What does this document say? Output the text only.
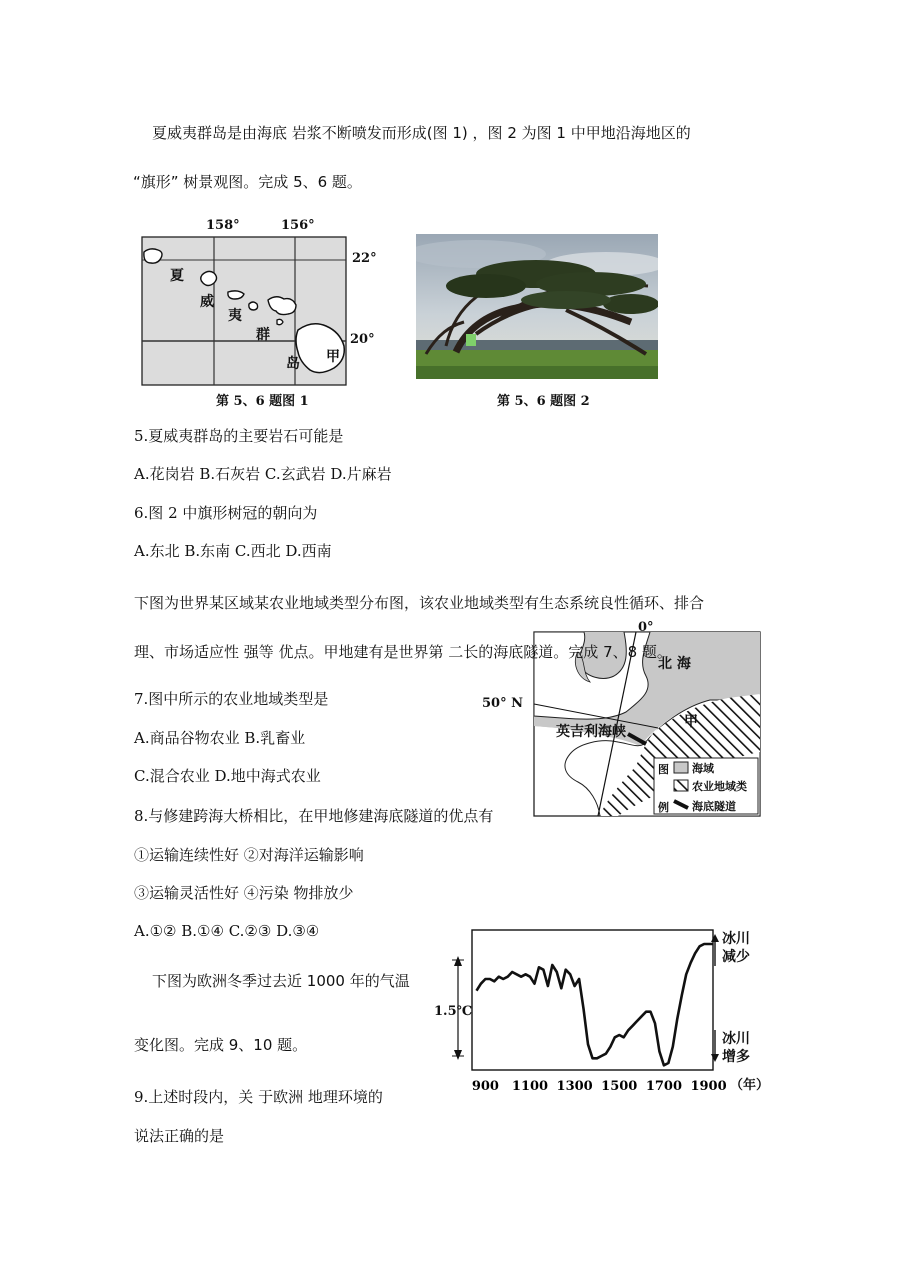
夏威夷群岛是由海底 岩浆不断喷发而形成(图 1) ，图 2 为图 1 中甲地沿海地区的
“旗形” 树景观图。完成 5、6 题。
158°	156°
22°
20°
夏
威
夷
群
岛 甲
第 5、6 题图 1	第 5、6 题图 2
5.夏威夷群岛的主要岩石可能是
A.花岗岩 B.石灰岩 C.玄武岩 D.片麻岩
6.图 2 中旗形树冠的朝向为
A.东北 B.东南 C.西北 D.西南
下图为世界某区域某农业地域类型分布图，该农业地域类型有生态系统良性循环、排合
0°
50° N
北 海
英吉利海峡
甲
图
例
海域
农业地域类
海底隧道
理、市场适应性 强等 优点。甲地建有是世界第 二长的海底隧道。完成 7、8 题。
7.图中所示的农业地域类型是
A.商品谷物农业 B.乳畜业
C.混合农业 D.地中海式农业
8.与修建跨海大桥相比，在甲地修建海底隧道的优点有
①运输连续性好 ②对海洋运输影响
③运输灵活性好 ④污染 物排放少
A.①② B.①④ C.②③ D.③④
下图为欧洲冬季过去近 1000 年的气温
变化图。完成 9、10 题。
900 1100 1300 1500 1700 1900
1.5℃
冰川
减少
冰川
增多
（年）
9.上述时段内，关 于欧洲 地理环境的
说法正确的是
